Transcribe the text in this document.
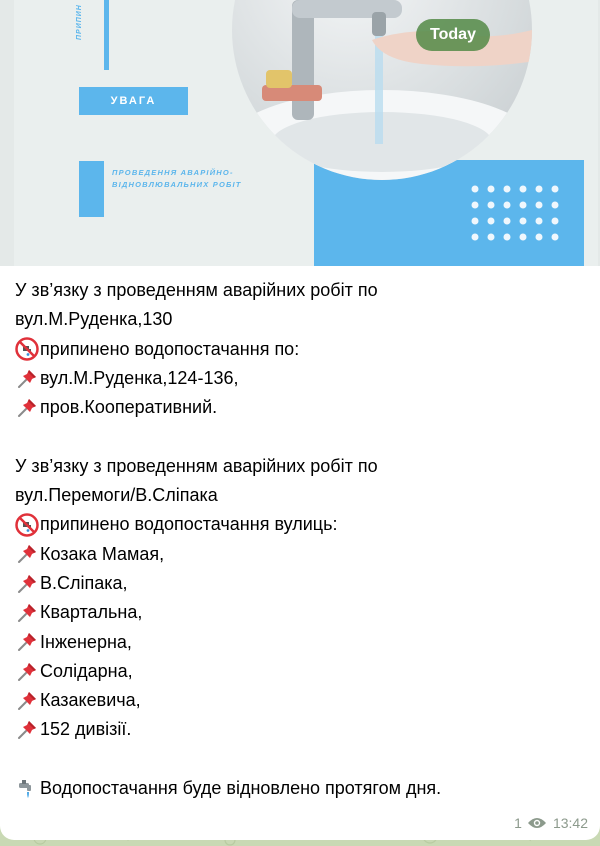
УВАГА
ПРОВЕДЕННЯ АВАРІЙНО-ВІДНОВЛЮВАЛЬНИХ РОБІТ
ПРИПИН	Today
У зв’язку з проведенням аварійних робіт по
вул.М.Руденка,130
припинено водопостачання по:
вул.М.Руденка,124-136,
пров.Кооперативний.
У зв’язку з проведенням аварійних робіт по
вул.Перемоги/В.Сліпака
припинено водопостачання вулиць:
Козака Мамая,
В.Сліпака,
Квартальна,
Інженерна,
Солідарна,
Казакевича,
152 дивізії.
Водопостачання буде відновлено протягом дня.
1 13:42
